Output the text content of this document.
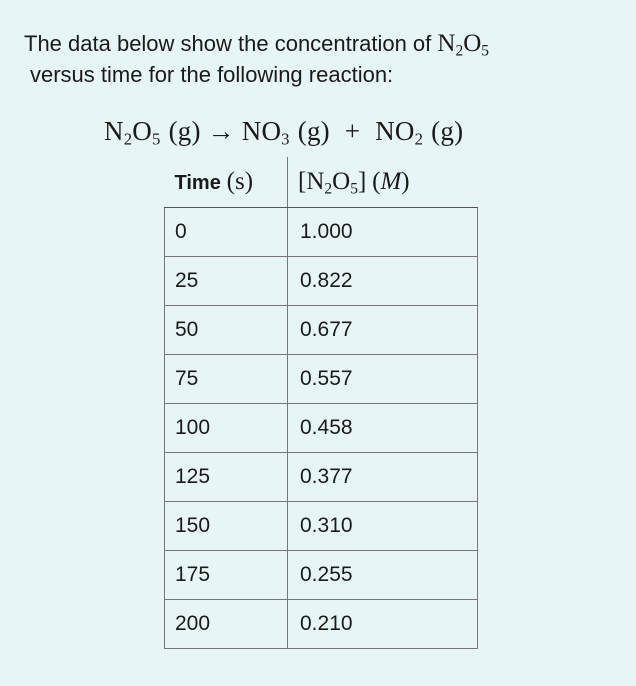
The data below show the concentration of $N_2O_5$
versus time for the following reaction:
$N_2O_5$ $(g) \to NO_3$ $(g) + NO_2$ (g)
Time (s)	$[N_2O_5]$ (M)
0	1.000
25	0.822
50	0.677
75	0.557
100	0.458
125	0.377
150	0.310
175	0.255
200	0.210
